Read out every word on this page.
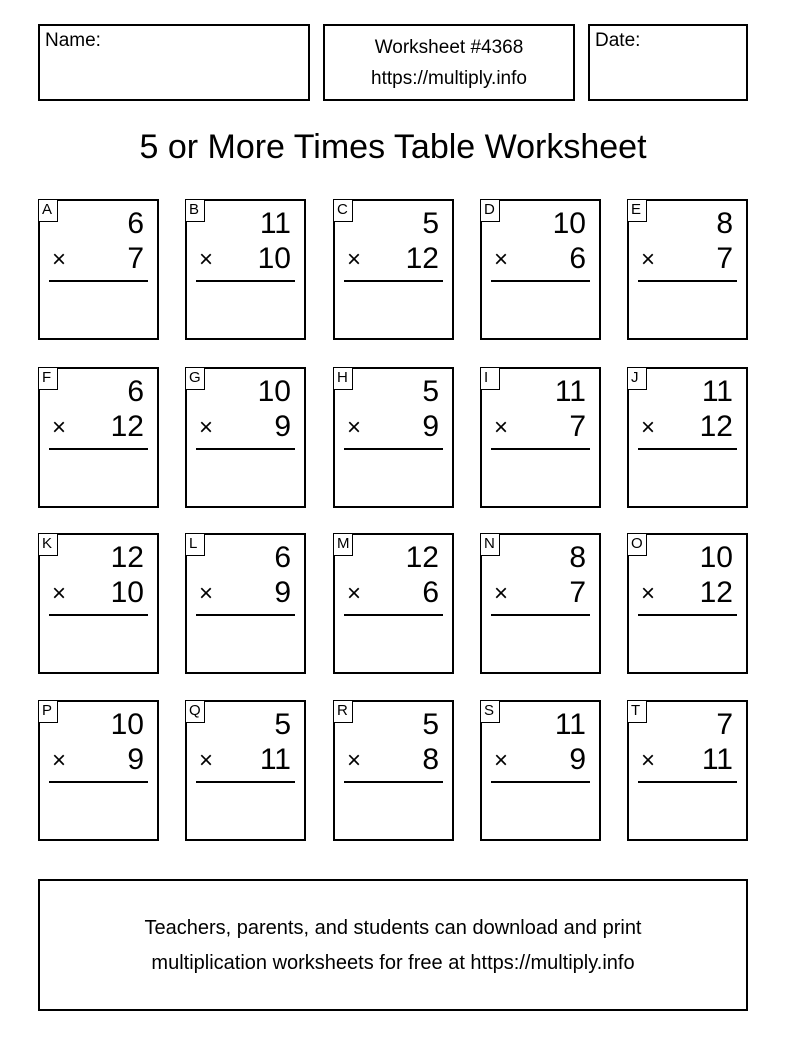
Name:	Worksheet #4368
https://multiply.info
Date:
5 or More Times Table Worksheet
A	6
× 7
B 11
× 10
C 5
× 12
D 10
× 6
E	8
× 7
F	6
× 12
G 10
× 9
H 5
× 9
I	11
× 7
J 11
× 12
K 12
× 10
L	6
× 9
M 12
× 6
N 8
× 7
O 10
× 12
P 10
× 9
Q 5
× 11
R 5
× 8
S 11
× 9
T	7
× 11
Teachers, parents, and students can download and print
multiplication worksheets for free at https://multiply.info
